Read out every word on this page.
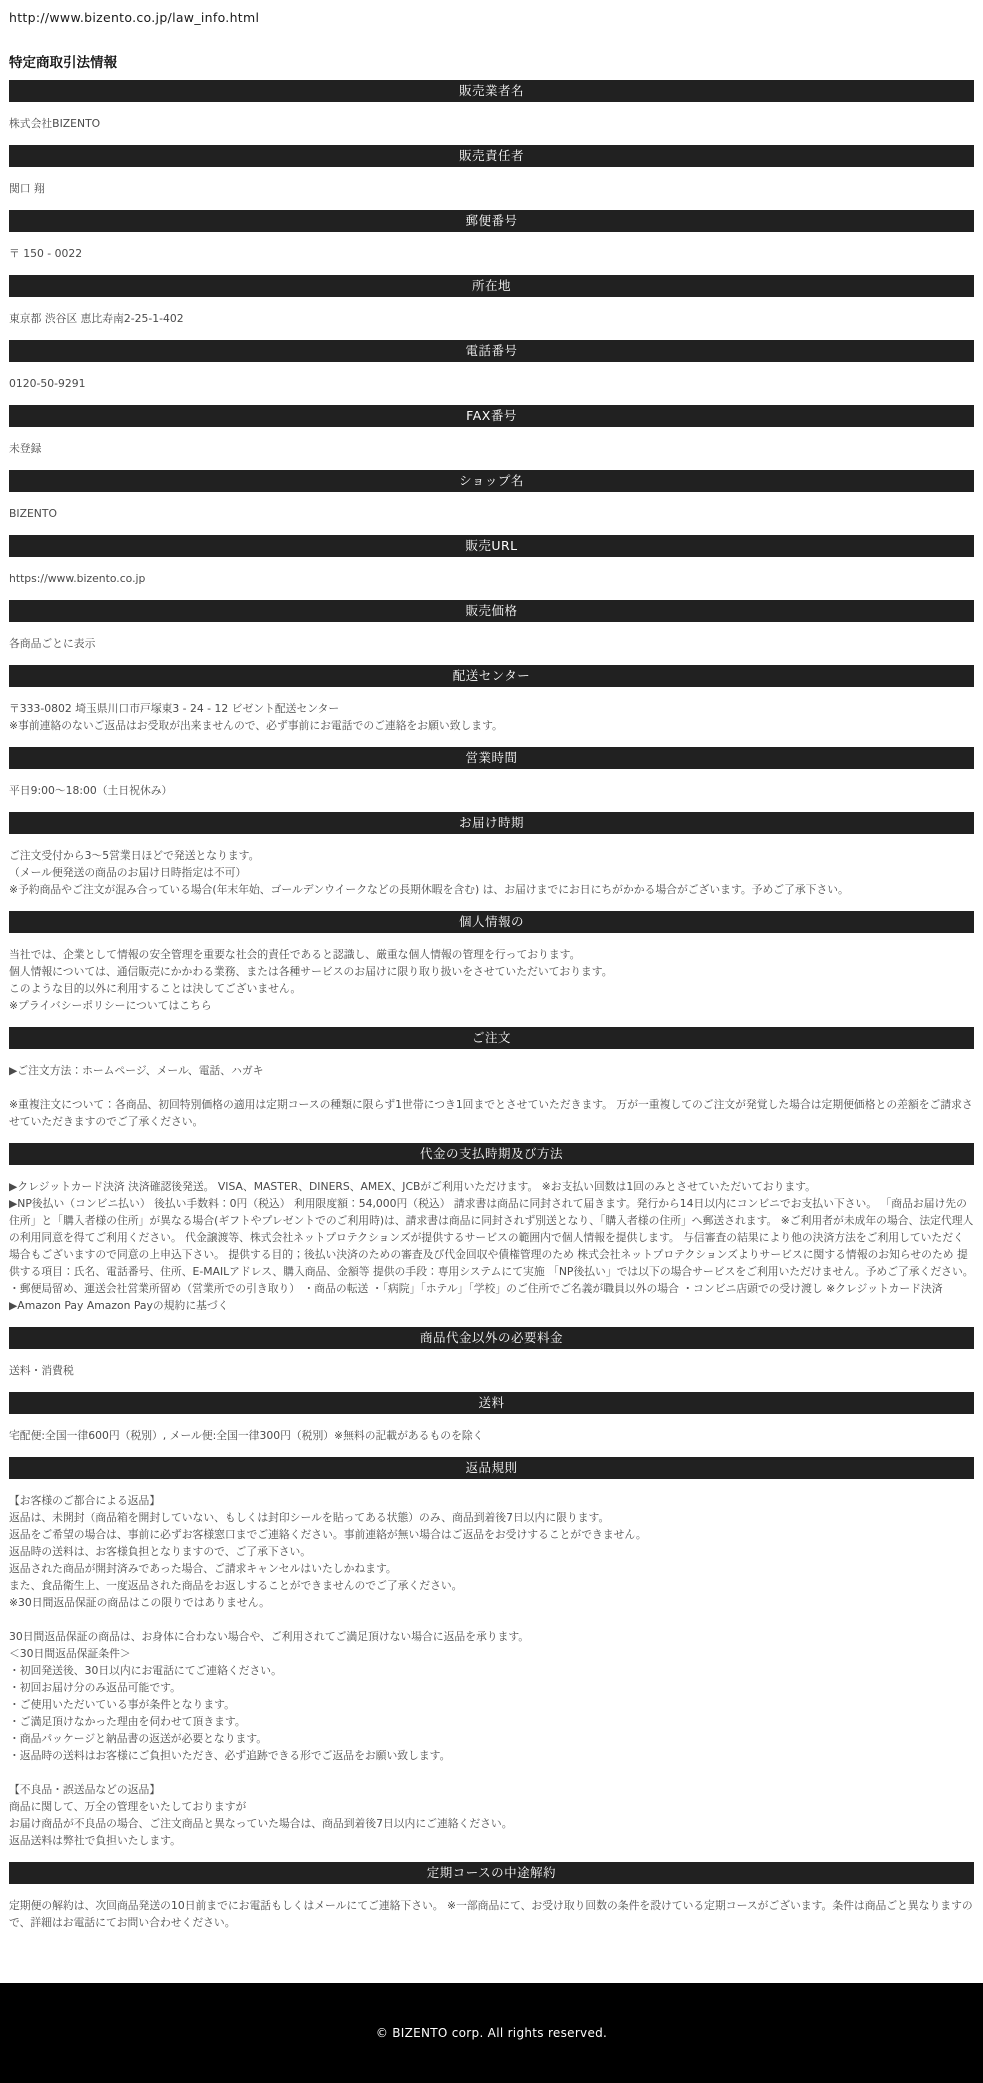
http://www.bizento.co.jp/law_info.html
特定商取引法情報
販売業者名
株式会社BIZENTO
販売責任者
関口 翔
郵便番号
〒 150 - 0022
所在地
東京都 渋谷区 恵比寿南2-25-1-402
電話番号
0120-50-9291
FAX番号
未登録
ショップ名
BIZENTO
販売URL
https://www.bizento.co.jp
販売価格
各商品ごとに表示
配送センター
〒333-0802 埼玉県川口市戸塚東3 - 24 - 12 ビゼント配送センター
※事前連絡のないご返品はお受取が出来ませんので、必ず事前にお電話でのご連絡をお願い致します。
営業時間
平日9:00～18:00（土日祝休み）
お届け時期
ご注文受付から3～5営業日ほどで発送となります。
（メール便発送の商品のお届け日時指定は不可）
※予約商品やご注文が混み合っている場合(年末年始、ゴールデンウイークなどの長期休暇を含む) は、お届けまでにお日にちがかかる場合がございます。予めご了承下さい。
個人情報の
当社では、企業として情報の安全管理を重要な社会的責任であると認識し、厳重な個人情報の管理を行っております。
個人情報については、通信販売にかかわる業務、または各種サービスのお届けに限り取り扱いをさせていただいております。
このような目的以外に利用することは決してございません。
※プライバシーポリシーについてはこちら
ご注文
▶ご注文方法：ホームページ、メール、電話、ハガキ
※重複注文について：各商品、初回特別価格の適用は定期コースの種類に限らず1世帯につき1回までとさせていただきます。 万が一重複してのご注文が発覚した場合は定期便価格との差額をご請求させていただきますのでご了承ください。
代金の支払時期及び方法
▶クレジットカード決済 決済確認後発送。 VISA、MASTER、DINERS、AMEX、JCBがご利用いただけます。 ※お支払い回数は1回のみとさせていただいております。
▶NP後払い（コンビニ払い） 後払い手数料：0円（税込） 利用限度額：54,000円（税込） 請求書は商品に同封されて届きます。発行から14日以内にコンビニでお支払い下さい。 「商品お届け先の住所」と「購入者様の住所」が異なる場合(ギフトやプレゼントでのご利用時)は、請求書は商品に同封されず別送となり、「購入者様の住所」へ郵送されます。 ※ご利用者が未成年の場合、法定代理人の利用同意を得てご利用ください。 代金譲渡等、株式会社ネットプロテクションズが提供するサービスの範囲内で個人情報を提供します。 与信審査の結果により他の決済方法をご利用していただく場合もございますので同意の上申込下さい。 提供する目的；後払い決済のための審査及び代金回収や債権管理のため 株式会社ネットプロテクションズよりサービスに関する情報のお知らせのため 提供する項目：氏名、電話番号、住所、E-MAILアドレス、購入商品、金額等 提供の手段：専用システムにて実施 「NP後払い」では以下の場合サービスをご利用いただけません。予めご了承ください。 ・郵便局留め、運送会社営業所留め（営業所での引き取り） ・商品の転送 ・「病院」「ホテル」「学校」のご住所でご名義が職員以外の場合 ・コンビニ店頭での受け渡し ※クレジットカード決済
▶Amazon Pay Amazon Payの規約に基づく
商品代金以外の必要料金
送料・消費税
送料
宅配便:全国一律600円（税別）, メール便:全国一律300円（税別）※無料の記載があるものを除く
返品規則
【お客様のご都合による返品】
返品は、未開封（商品箱を開封していない、もしくは封印シールを貼ってある状態）のみ、商品到着後7日以内に限ります。
返品をご希望の場合は、事前に必ずお客様窓口までご連絡ください。事前連絡が無い場合はご返品をお受けすることができません。
返品時の送料は、お客様負担となりますので、ご了承下さい。
返品された商品が開封済みであった場合、ご請求キャンセルはいたしかねます。
また、食品衛生上、一度返品された商品をお返しすることができませんのでご了承ください。
※30日間返品保証の商品はこの限りではありません。
30日間返品保証の商品は、お身体に合わない場合や、ご利用されてご満足頂けない場合に返品を承ります。
＜30日間返品保証条件＞
・初回発送後、30日以内にお電話にてご連絡ください。
・初回お届け分のみ返品可能です。
・ご使用いただいている事が条件となります。
・ご満足頂けなかった理由を伺わせて頂きます。
・商品パッケージと納品書の返送が必要となります。
・返品時の送料はお客様にご負担いただき、必ず追跡できる形でご返品をお願い致します。
【不良品・誤送品などの返品】
商品に関して、万全の管理をいたしておりますが
お届け商品が不良品の場合、ご注文商品と異なっていた場合は、商品到着後7日以内にご連絡ください。
返品送料は弊社で負担いたします。
定期コースの中途解約
定期便の解約は、次回商品発送の10日前までにお電話もしくはメールにてご連絡下さい。 ※一部商品にて、お受け取り回数の条件を設けている定期コースがございます。条件は商品ごと異なりますので、詳細はお電話にてお問い合わせください。
© BIZENTO corp. All rights reserved.
